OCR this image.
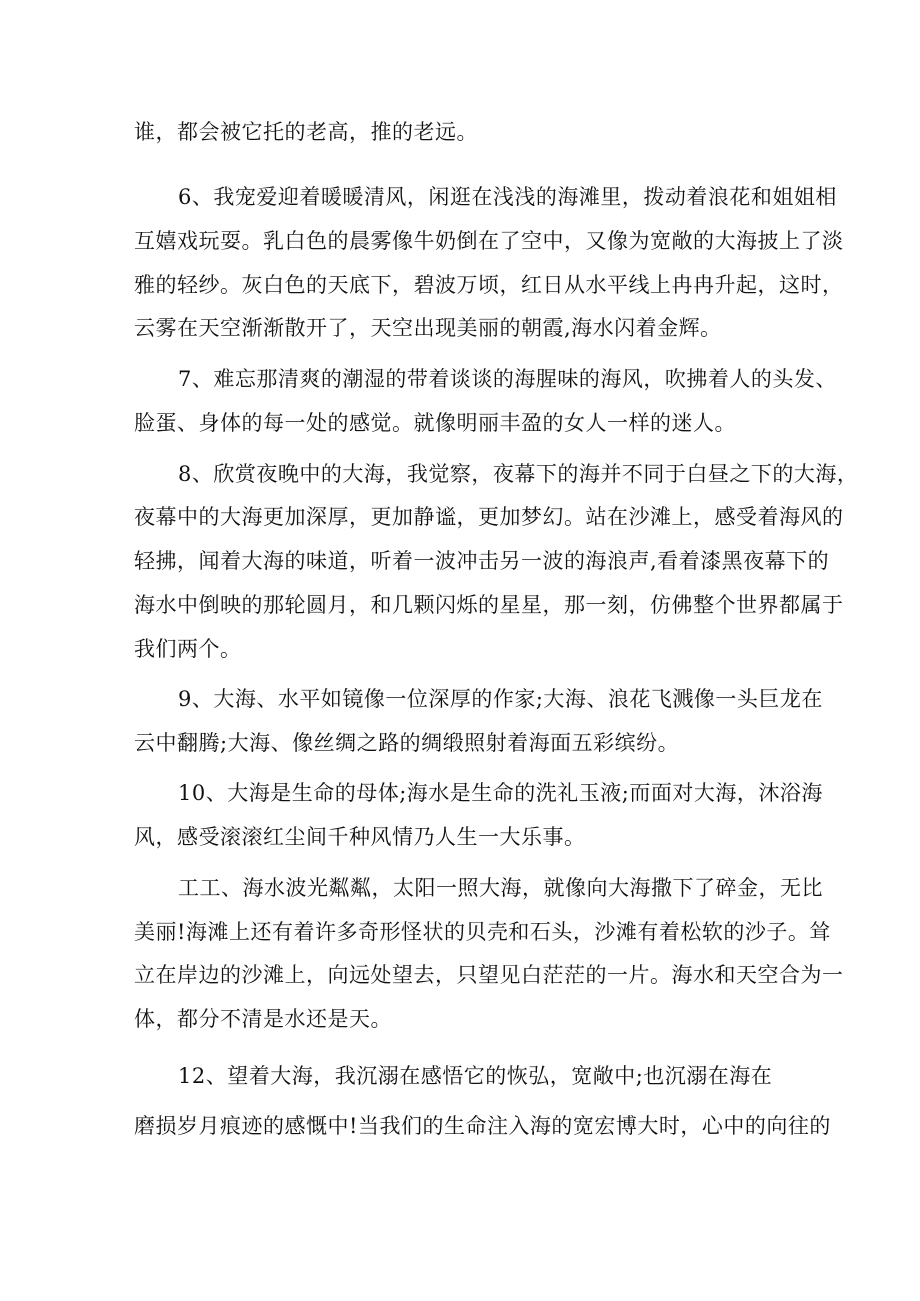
谁，都会被它托的老高，推的老远。
6、我宠爱迎着暖暖清风，闲逛在浅浅的海滩里，拨动着浪花和姐姐相
互嬉戏玩耍。乳白色的晨雾像牛奶倒在了空中，又像为宽敞的大海披上了淡
雅的轻纱。灰白色的天底下，碧波万顷，红日从水平线上冉冉升起，这时，
云雾在天空渐渐散开了，天空出现美丽的朝霞,海水闪着金辉。
7、难忘那清爽的潮湿的带着谈谈的海腥味的海风，吹拂着人的头发、
脸蛋、身体的每一处的感觉。就像明丽丰盈的女人一样的迷人。
8、欣赏夜晚中的大海，我觉察，夜幕下的海并不同于白昼之下的大海，
夜幕中的大海更加深厚，更加静谧，更加梦幻。站在沙滩上，感受着海风的
轻拂，闻着大海的味道，听着一波冲击另一波的海浪声,看着漆黑夜幕下的
海水中倒映的那轮圆月，和几颗闪烁的星星，那一刻，仿佛整个世界都属于
我们两个。
9、大海、水平如镜像一位深厚的作家;大海、浪花飞溅像一头巨龙在
云中翻腾;大海、像丝绸之路的绸缎照射着海面五彩缤纷。
10、大海是生命的母体;海水是生命的洗礼玉液;而面对大海，沐浴海
风，感受滚滚红尘间千种风情乃人生一大乐事。
工工、海水波光粼粼，太阳一照大海，就像向大海撒下了碎金，无比
美丽!海滩上还有着许多奇形怪状的贝壳和石头，沙滩有着松软的沙子。耸
立在岸边的沙滩上，向远处望去，只望见白茫茫的一片。海水和天空合为一
体，都分不清是水还是天。
12、望着大海，我沉溺在感悟它的恢弘，宽敞中;也沉溺在海在
磨损岁月痕迹的感慨中!当我们的生命注入海的宽宏博大时，心中的向往的
